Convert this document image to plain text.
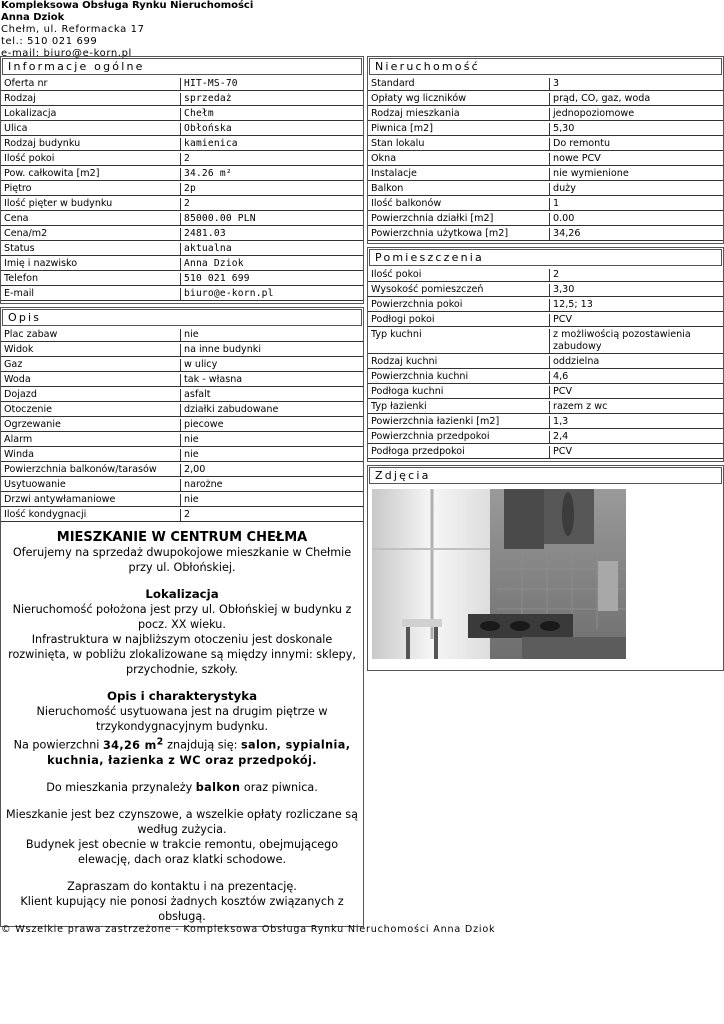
Kompleksowa Obsługa Rynku Nieruchomości
Anna Dziok
Chełm, ul. Reformacka 17
tel.: 510 021 699
e-mail: biuro@e-korn.pl
Informacje ogólne
Oferta nr	HIT-MS-70
Rodzaj	sprzedaż
Lokalizacja	Chełm
Ulica	Obłońska
Rodzaj budynku	kamienica
Ilość pokoi	2
Pow. całkowita [m2]	34.26 m²
Piętro	2p
Ilość pięter w budynku	2
Cena	85000.00 PLN
Cena/m2	2481.03
Status	aktualna
Imię i nazwisko	Anna Dziok
Telefon	510 021 699
E-mail	biuro@e-korn.pl
Opis
Plac zabaw	nie
Widok	na inne budynki
Gaz	w ulicy
Woda	tak - własna
Dojazd	asfalt
Otoczenie	działki zabudowane
Ogrzewanie	piecowe
Alarm	nie
Winda	nie
Powierzchnia balkonów/tarasów	2,00
Usytuowanie	narożne
Drzwi antywłamaniowe	nie
Ilość kondygnacji	2
MIESZKANIE W CENTRUM CHEŁMA
Oferujemy na sprzedaż dwupokojowe mieszkanie w Chełmie przy ul. Obłońskiej.
Lokalizacja
Nieruchomość położona jest przy ul. Obłońskiej w budynku z pocz. XX wieku.
Infrastruktura w najbliższym otoczeniu jest doskonale rozwinięta, w pobliżu zlokalizowane są między innymi: sklepy, przychodnie, szkoły.
Opis i charakterystyka
Nieruchomość usytuowana jest na drugim piętrze w trzykondygnacyjnym budynku.
Na powierzchni 34,26 $m^2$ znajdują się: salon, sypialnia, kuchnia, łazienka z WC oraz przedpokój.
Do mieszkania przynależy balkon oraz piwnica.
Mieszkanie jest bez czynszowe, a wszelkie opłaty rozliczane są według zużycia.
Budynek jest obecnie w trakcie remontu, obejmującego elewację, dach oraz klatki schodowe.
Zapraszam do kontaktu i na prezentację.
Klient kupujący nie ponosi żadnych kosztów związanych z obsługą.
Nieruchomość
Standard	3
Opłaty wg liczników	prąd, CO, gaz, woda
Rodzaj mieszkania	jednopoziomowe
Piwnica [m2]	5,30
Stan lokalu	Do remontu
Okna	nowe PCV
Instalacje	nie wymienione
Balkon	duży
Ilość balkonów	1
Powierzchnia działki [m2]	0.00
Powierzchnia użytkowa [m2]	34,26
Pomieszczenia
Ilość pokoi	2
Wysokość pomieszczeń	3,30
Powierzchnia pokoi	12,5; 13
Podłogi pokoi	PCV
Typ kuchni	z możliwością pozostawienia zabudowy
Rodzaj kuchni	oddzielna
Powierzchnia kuchni	4,6
Podłoga kuchni	PCV
Typ łazienki	razem z wc
Powierzchnia łazienki [m2]	1,3
Powierzchnia przedpokoi	2,4
Podłoga przedpokoi	PCV
Zdjęcia
© Wszelkie prawa zastrzeżone - Kompleksowa Obsługa Rynku Nieruchomości Anna Dziok
